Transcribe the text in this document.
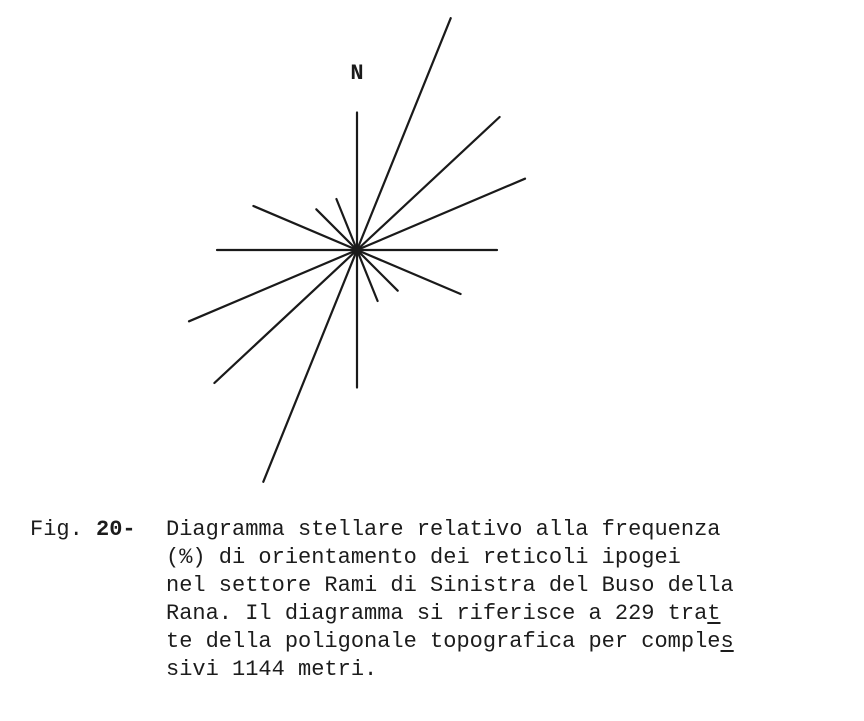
N
Fig. 20-	Diagramma stellare relativo alla frequenza
(%) di orientamento dei reticoli ipogei
nel settore Rami di Sinistra del Buso della
Rana. Il diagramma si riferisce a 229 trat
te della poligonale topografica per comples
sivi 1144 metri.
